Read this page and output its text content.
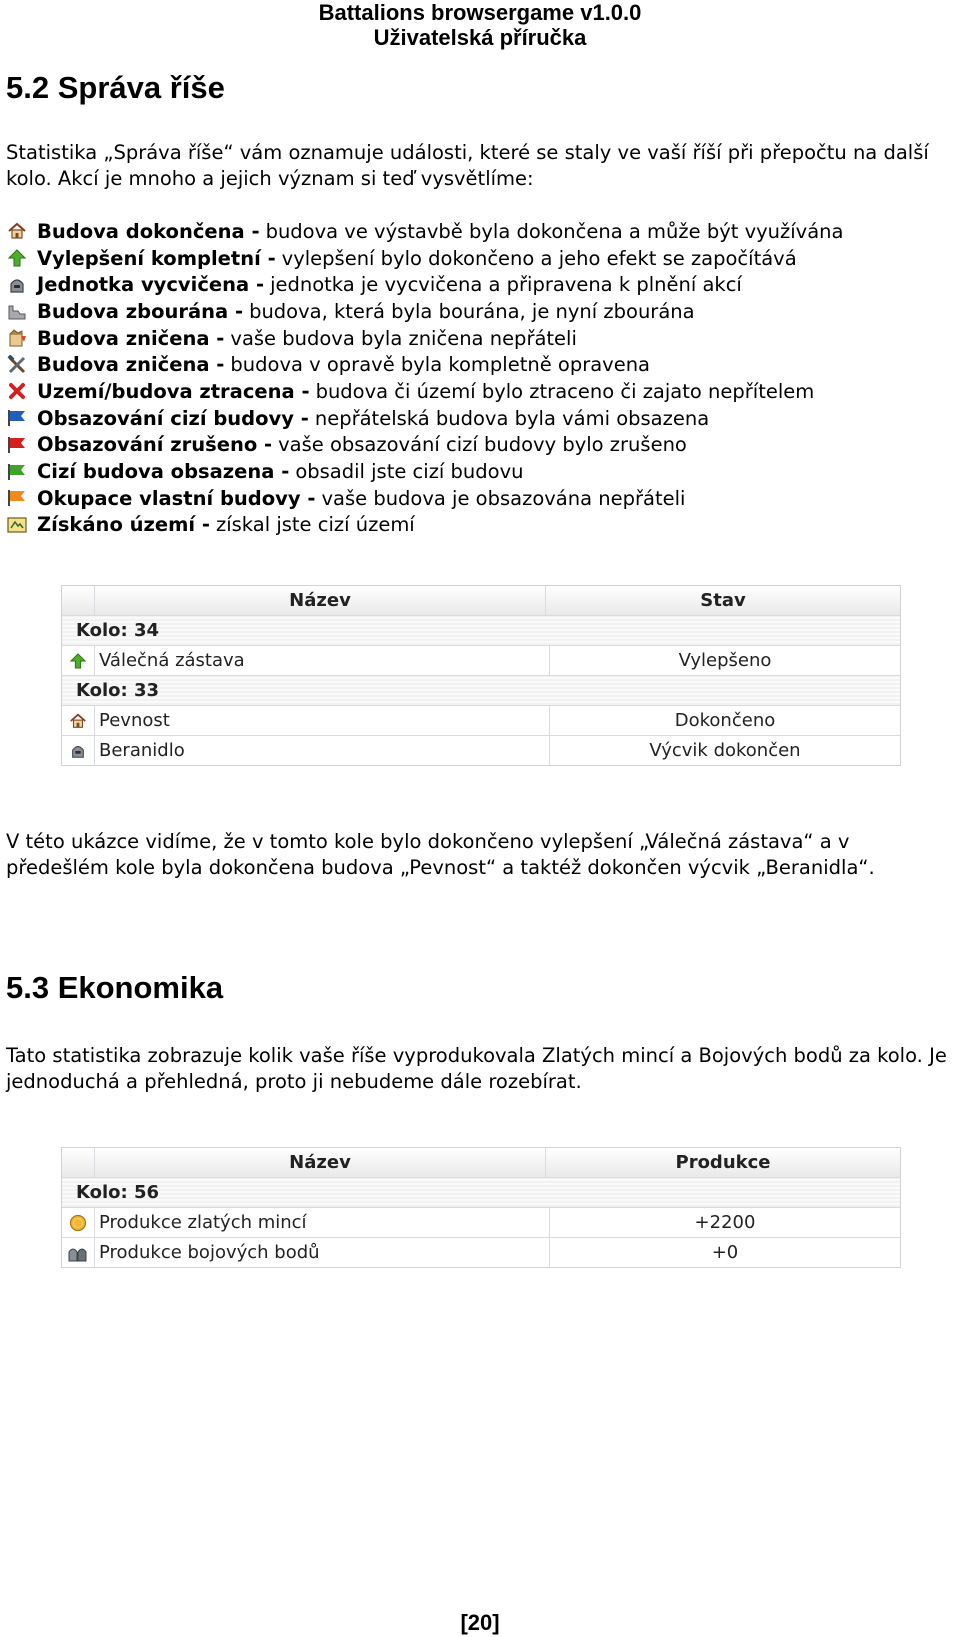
Battalions browsergame v1.0.0
Uživatelská příručka
5.2 Správa říše

Statistika „Správa říše“ vám oznamuje události, které se staly ve vaší říší při přepočtu na další kolo. Akcí je mnoho a jejich význam si teď vysvětlíme:

Budova dokončena - budova ve výstavbě byla dokončena a může být využívána
Vylepšení kompletní - vylepšení bylo dokončeno a jeho efekt se započítává
Jednotka vycvičena - jednotka je vycvičena a připravena k plnění akcí
Budova zbourána - budova, která byla bourána, je nyní zbourána
Budova zničena - vaše budova byla zničena nepřáteli
Budova zničena - budova v opravě byla kompletně opravena
Uzemí/budova ztracena - budova či území bylo ztraceno či zajato nepřítelem
Obsazování cizí budovy - nepřátelská budova byla vámi obsazena
Obsazování zrušeno - vaše obsazování cizí budovy bylo zrušeno
Cizí budova obsazena - obsadil jste cizí budovu
Okupace vlastní budovy - vaše budova je obsazována nepřáteli
Získáno území - získal jste cizí území
Název	Stav
Kolo: 34
Válečná zástava	Vylepšeno
Kolo: 33
Pevnost	Dokončeno
Beranidlo	Výcvik dokončen

V této ukázce vidíme, že v tomto kole bylo dokončeno vylepšení „Válečná zástava“ a v předešlém kole byla dokončena budova „Pevnost“ a taktéž dokončen výcvik „Beranidla“.

5.3 Ekonomika

Tato statistika zobrazuje kolik vaše říše vyprodukovala Zlatých mincí a Bojových bodů za kolo. Je jednoduchá a přehledná, proto ji nebudeme dále rozebírat.

Název	Produkce
Kolo: 56
Produkce zlatých mincí	+2200
Produkce bojových bodů	+0
[20]
